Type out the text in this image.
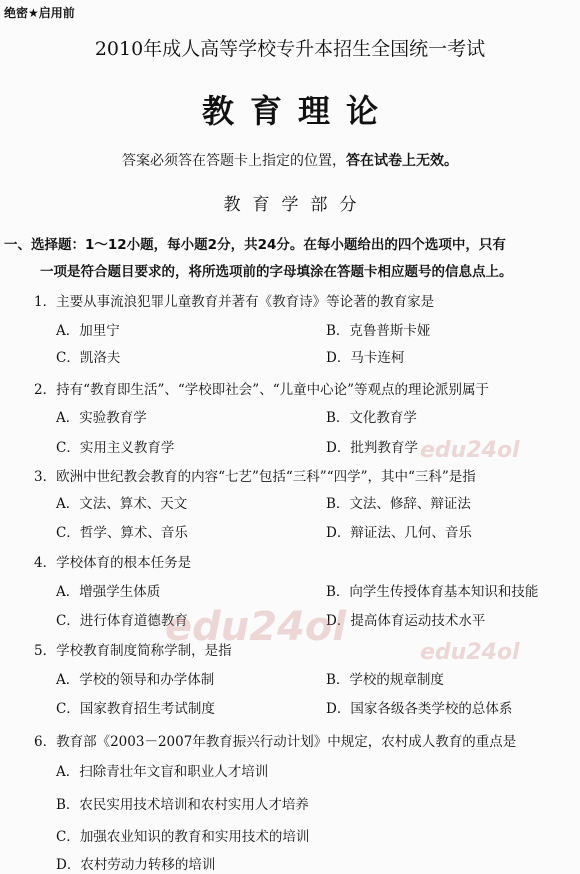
绝密★启用前
2010年成人高等学校专升本招生全国统一考试
教育理论
答案必须答在答题卡上指定的位置，答在试卷上无效。
教育学部分
一、选择题：1～12小题，每小题2分，共24分。在每小题给出的四个选项中，只有
一项是符合题目要求的，将所选项前的字母填涂在答题卡相应题号的信息点上。
1．主要从事流浪犯罪儿童教育并著有《教育诗》等论著的教育家是
A．加里宁	B．克鲁普斯卡娅
C．凯洛夫	D．马卡连柯
2．持有“教育即生活”、“学校即社会”、“儿童中心论”等观点的理论派别属于
A．实验教育学	B．文化教育学
C．实用主义教育学	D．批判教育学
3．欧洲中世纪教会教育的内容“七艺”包括“三科”“四学”，其中“三科”是指
A．文法、算术、天文	B．文法、修辞、辩证法
C．哲学、算术、音乐	D．辩证法、几何、音乐
4．学校体育的根本任务是
A．增强学生体质	B．向学生传授体育基本知识和技能
C．进行体育道德教育	D．提高体育运动技术水平
5．学校教育制度简称学制，是指
A．学校的领导和办学体制	B．学校的规章制度
C．国家教育招生考试制度	D．国家各级各类学校的总体系
6．教育部《2003－2007年教育振兴行动计划》中规定，农村成人教育的重点是
A．扫除青壮年文盲和职业人才培训
B．农民实用技术培训和农村实用人才培养
C．加强农业知识的教育和实用技术的培训
D．农村劳动力转移的培训
edu24ol
edu24ol
edu24ol
